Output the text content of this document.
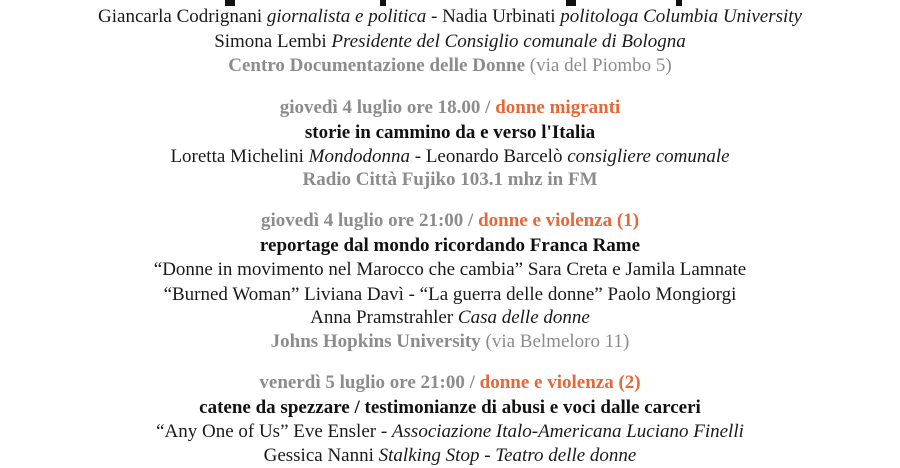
Giancarla Codrignani giornalista e politica - Nadia Urbinati politologa Columbia University
Simona Lembi Presidente del Consiglio comunale di Bologna
Centro Documentazione delle Donne (via del Piombo 5)
giovedì 4 luglio ore 18.00 / donne migranti
storie in cammino da e verso l'Italia
Loretta Michelini Mondodonna - Leonardo Barcelò consigliere comunale
Radio Città Fujiko 103.1 mhz in FM
giovedì 4 luglio ore 21:00 / donne e violenza (1)
reportage dal mondo ricordando Franca Rame
“Donne in movimento nel Marocco che cambia” Sara Creta e Jamila Lamnate
“Burned Woman” Liviana Davì - “La guerra delle donne” Paolo Mongiorgi
Anna Pramstrahler Casa delle donne
Johns Hopkins University (via Belmeloro 11)
venerdì 5 luglio ore 21:00 / donne e violenza (2)
catene da spezzare / testimonianze di abusi e voci dalle carceri
“Any One of Us” Eve Ensler - Associazione Italo-Americana Luciano Finelli
Gessica Nanni Stalking Stop - Teatro delle donne
